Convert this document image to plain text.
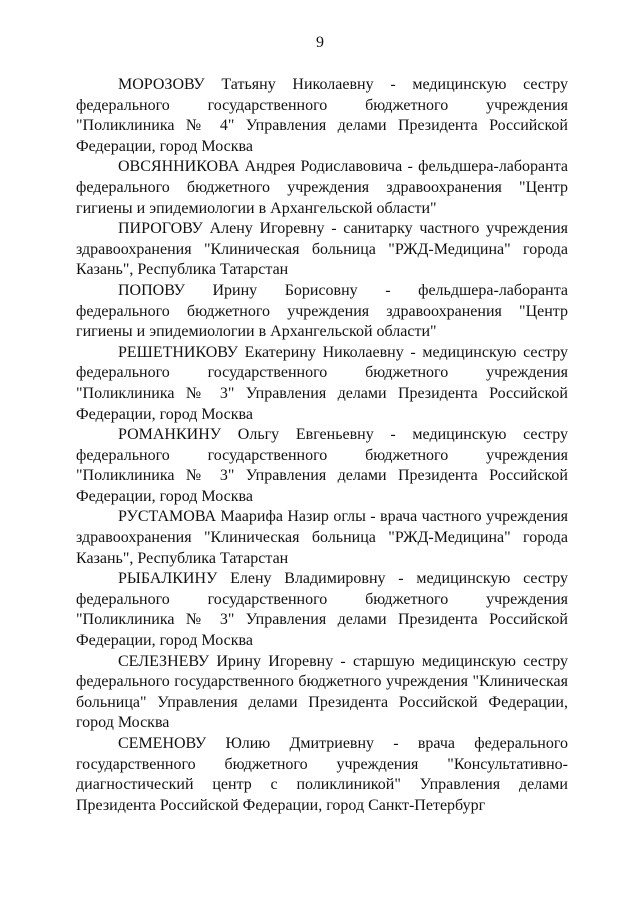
9

МОРОЗОВУ Татьяну Николаевну - медицинскую сестру федерального государственного бюджетного учреждения "Поликлиника № 4" Управления делами Президента Российской Федерации, город Москва

ОВСЯННИКОВА Андрея Родиславовича - фельдшера-лаборанта федерального бюджетного учреждения здравоохранения "Центр гигиены и эпидемиологии в Архангельской области"

ПИРОГОВУ Алену Игоревну - санитарку частного учреждения здравоохранения "Клиническая больница "РЖД-Медицина" города Казань", Республика Татарстан

ПОПОВУ Ирину Борисовну - фельдшера-лаборанта федерального бюджетного учреждения здравоохранения "Центр гигиены и эпидемиологии в Архангельской области"

РЕШЕТНИКОВУ Екатерину Николаевну - медицинскую сестру федерального государственного бюджетного учреждения "Поликлиника № 3" Управления делами Президента Российской Федерации, город Москва

РОМАНКИНУ Ольгу Евгеньевну - медицинскую сестру федерального государственного бюджетного учреждения "Поликлиника № 3" Управления делами Президента Российской Федерации, город Москва

РУСТАМОВА Маарифа Назир оглы - врача частного учреждения здравоохранения "Клиническая больница "РЖД-Медицина" города Казань", Республика Татарстан

РЫБАЛКИНУ Елену Владимировну - медицинскую сестру федерального государственного бюджетного учреждения "Поликлиника № 3" Управления делами Президента Российской Федерации, город Москва

СЕЛЕЗНЕВУ Ирину Игоревну - старшую медицинскую сестру федерального государственного бюджетного учреждения "Клиническая больница" Управления делами Президента Российской Федерации, город Москва

СЕМЕНОВУ Юлию Дмитриевну - врача федерального государственного бюджетного учреждения "Консультативно-диагностический центр с поликлиникой" Управления делами Президента Российской Федерации, город Санкт-Петербург
